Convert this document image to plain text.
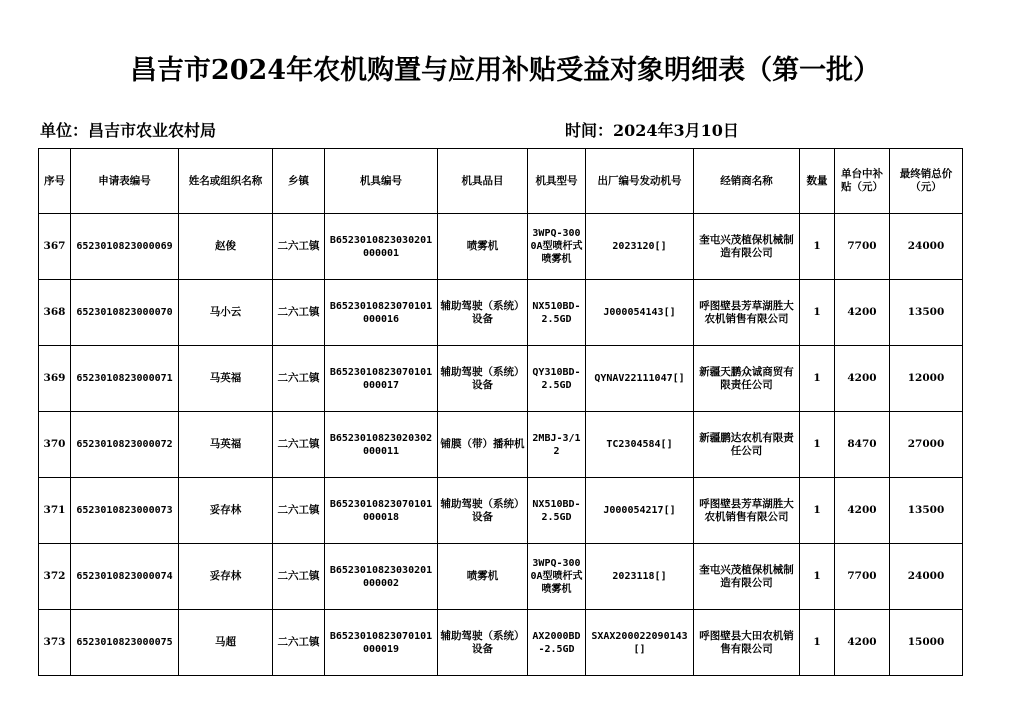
昌吉市2024年农机购置与应用补贴受益对象明细表（第一批）
单位：昌吉市农业农村局	时间：2024年3月10日
序号	申请表编号	姓名或组织名称	乡镇	机具编号	机具品目	机具型号	出厂编号发动机号	经销商名称	数量	单台中补贴（元）	最终销总价（元）
367	6523010823000069	赵俊	二六工镇	B6523010823030201000001	喷雾机	3WPQ-3000A型喷杆式喷雾机	2023120[]	奎屯兴茂植保机械制造有限公司	1	7700	24000
368	6523010823000070	马小云	二六工镇	B6523010823070101000016	辅助驾驶（系统）设备	NX510BD-2.5GD	J000054143[]	呼图壁县芳草湖胜大农机销售有限公司	1	4200	13500
369	6523010823000071	马英福	二六工镇	B6523010823070101000017	辅助驾驶（系统）设备	QY310BD-2.5GD	QYNAV22111047[]	新疆天鹏众诚商贸有限责任公司	1	4200	12000
370	6523010823000072	马英福	二六工镇	B6523010823020302000011	铺膜（带）播种机	2MBJ-3/12	TC2304584[]	新疆鹏达农机有限责任公司	1	8470	27000
371	6523010823000073	妥存林	二六工镇	B6523010823070101000018	辅助驾驶（系统）设备	NX510BD-2.5GD	J000054217[]	呼图壁县芳草湖胜大农机销售有限公司	1	4200	13500
372	6523010823000074	妥存林	二六工镇	B6523010823030201000002	喷雾机	3WPQ-3000A型喷杆式喷雾机	2023118[]	奎屯兴茂植保机械制造有限公司	1	7700	24000
373	6523010823000075	马超	二六工镇	B6523010823070101000019	辅助驾驶（系统）设备	AX2000BD-2.5GD	SXAX200022090143[]	呼图壁县大田农机销售有限公司	1	4200	15000
